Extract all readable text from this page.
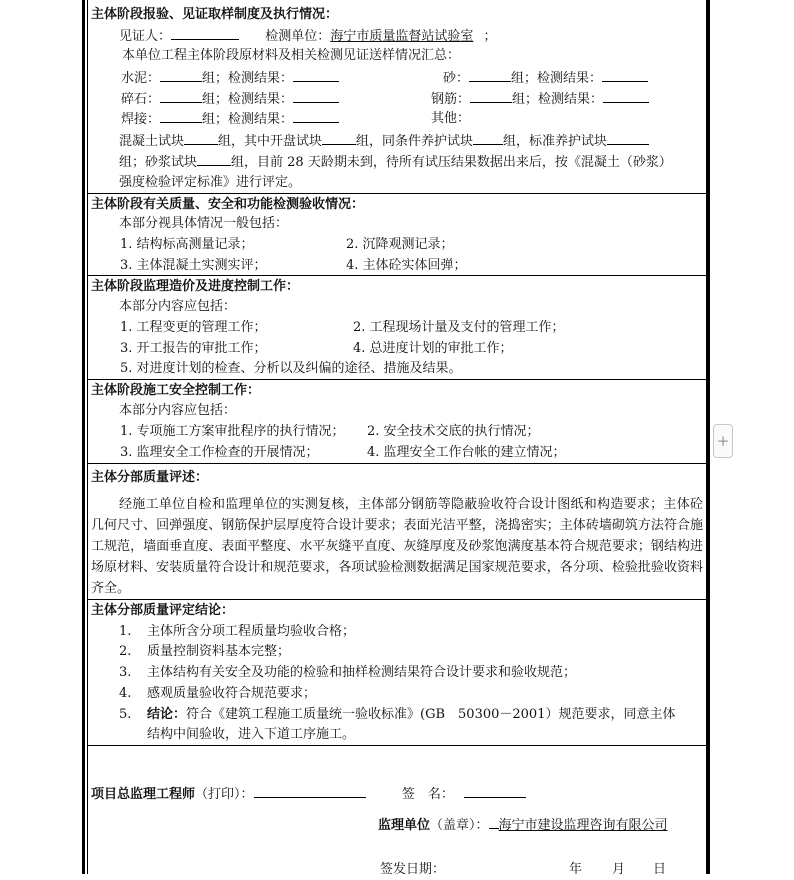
主体阶段报验、见证取样制度及执行情况：
见证人：	检测单位：海宁市质量监督站试验室 ；
本单位工程主体阶段原材料及相关检测见证送样情况汇总：
水泥：	组；检测结果：	砂：	组；检测结果：
碎石：	组；检测结果：	钢筋：	组；检测结果：
焊接：	组；检测结果：	其他：
混凝土试块	组，其中开盘试块	组，同条件养护试块 组，标准养护试块
组；砂浆试块	组，目前 28 天龄期未到，待所有试压结果数据出来后，按《混凝土（砂浆）
强度检验评定标准》进行评定。
主体阶段有关质量、安全和功能检测验收情况：
本部分视具体情况一般包括：
1. 结构标高测量记录；	2. 沉降观测记录；
3. 主体混凝土实测实评；	4. 主体砼实体回弹；
主体阶段监理造价及进度控制工作：
本部分内容应包括：
1. 工程变更的管理工作；	2. 工程现场计量及支付的管理工作；
3. 开工报告的审批工作；	4. 总进度计划的审批工作；
5. 对进度计划的检查、分析以及纠偏的途径、措施及结果。
主体阶段施工安全控制工作：
本部分内容应包括：
1. 专项施工方案审批程序的执行情况； 2. 安全技术交底的执行情况；
3. 监理安全工作检查的开展情况；	4. 监理安全工作台帐的建立情况；
主体分部质量评述：
经施工单位自检和监理单位的实测复核，主体部分钢筋等隐蔽验收符合设计图纸和构造要求；主体砼几何尺寸、回弹强度、钢筋保护层厚度符合设计要求；表面光洁平整，浇捣密实；主体砖墙砌筑方法符合施工规范，墙面垂直度、表面平整度、水平灰缝平直度、灰缝厚度及砂浆饱满度基本符合规范要求；钢结构进场原材料、安装质量符合设计和规范要求，各项试验检测数据满足国家规范要求，各分项、检验批验收资料齐全。
主体分部质量评定结论：
1. 主体所含分项工程质量均验收合格；
2. 质量控制资料基本完整；
3. 主体结构有关安全及功能的检验和抽样检测结果符合设计要求和验收规范；
4. 感观质量验收符合规范要求；
5. 结论：符合《建筑工程施工质量统一验收标准》(GB　50300－2001）规范要求，同意主体
结构中间验收，进入下道工序施工。
项目总监理工程师（打印）：	签　名：
监理单位（盖章）： 海宁市建设监理咨询有限公司
签发日期：	年 月 日
+
